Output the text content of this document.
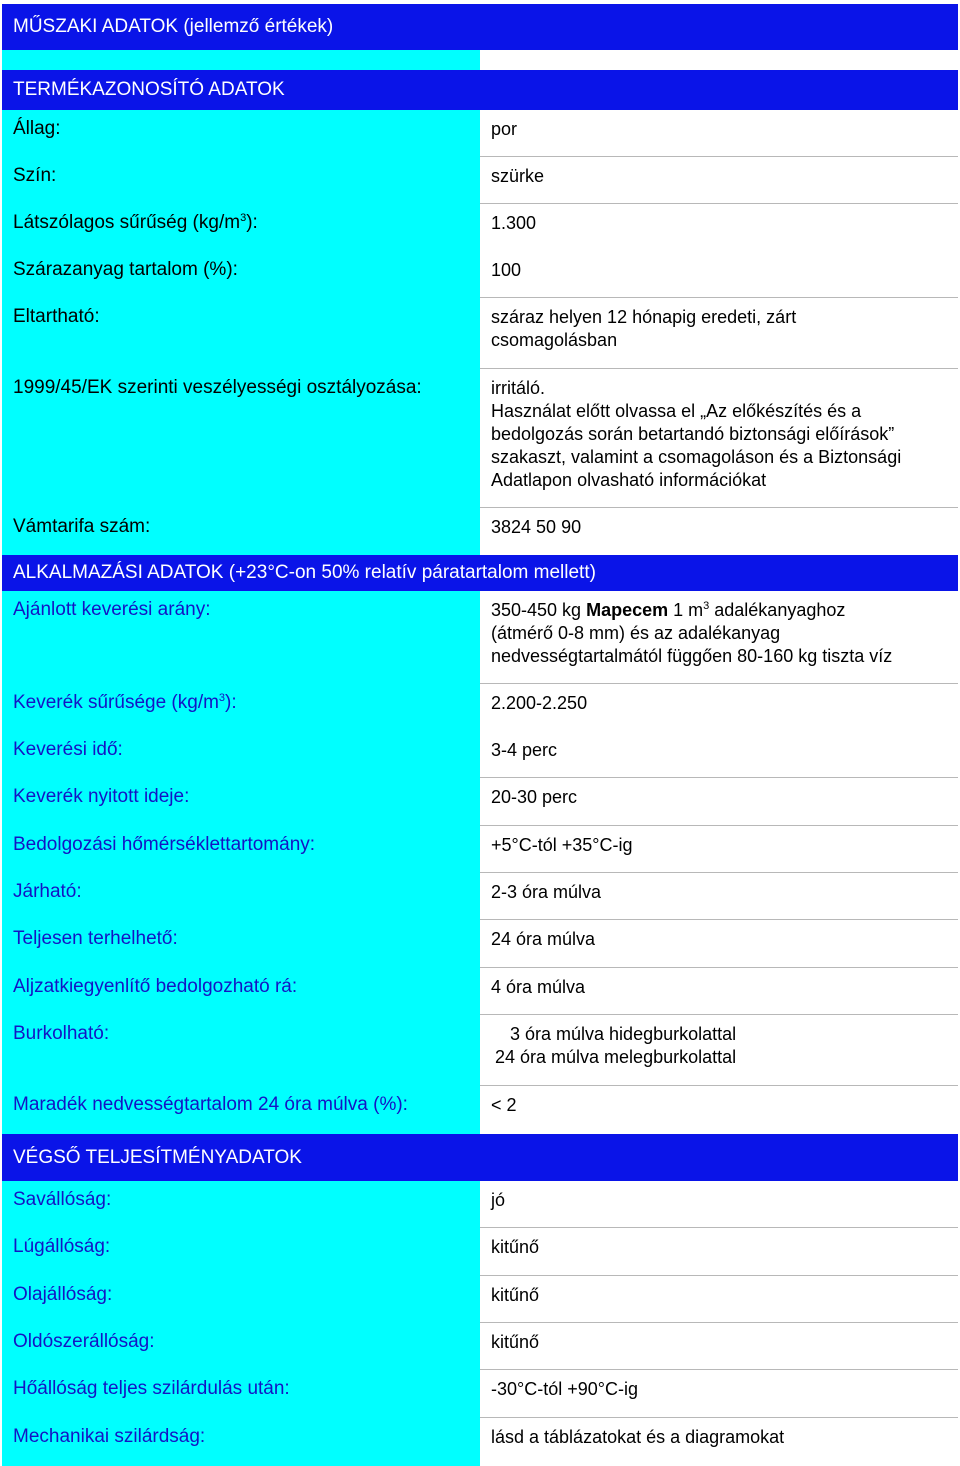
MŰSZAKI ADATOK (jellemző értékek)
TERMÉKAZONOSÍTÓ ADATOK
Állag:	por
Szín:	szürke
Látszólagos sűrűség $(kg/m^3)$:	1.300
Szárazanyag tartalom (%):	100
Eltartható:	száraz helyen 12 hónapig eredeti, zárt
csomagolásban
1999/45/EK szerinti veszélyességi osztályozása:	irritáló.
Használat előtt olvassa el „Az előkészítés és a
bedolgozás során betartandó biztonsági előírások”
szakaszt, valamint a csomagoláson és a Biztonsági
Adatlapon olvasható információkat
Vámtarifa szám:	3824 50 90
ALKALMAZÁSI ADATOK (+23°C-on 50% relatív páratartalom mellett)
Ajánlott keverési arány:	350-450 kg Mapecem 1 $m^3$ adalékanyaghoz
(átmérő 0-8 mm) és az adalékanyag
nedvességtartalmától függően 80-160 kg tiszta víz
Keverék sűrűsége $(kg/m^3)$:	2.200-2.250
Keverési idő:	3-4 perc
Keverék nyitott ideje:	20-30 perc
Bedolgozási hőmérséklettartomány:	+5°C-tól +35°C-ig
Járható:	2-3 óra múlva
Teljesen terhelhető:	24 óra múlva
Aljzatkiegyenlítő bedolgozható rá:	4 óra múlva
Burkolható:	3 óra múlva hidegburkolattal
24 óra múlva melegburkolattal
Maradék nedvességtartalom 24 óra múlva (%):	< 2
VÉGSŐ TELJESÍTMÉNYADATOK
Savállóság:	jó
Lúgállóság:	kitűnő
Olajállóság:	kitűnő
Oldószerállóság:	kitűnő
Hőállóság teljes szilárdulás után:	-30°C-tól +90°C-ig
Mechanikai szilárdság:	lásd a táblázatokat és a diagramokat
